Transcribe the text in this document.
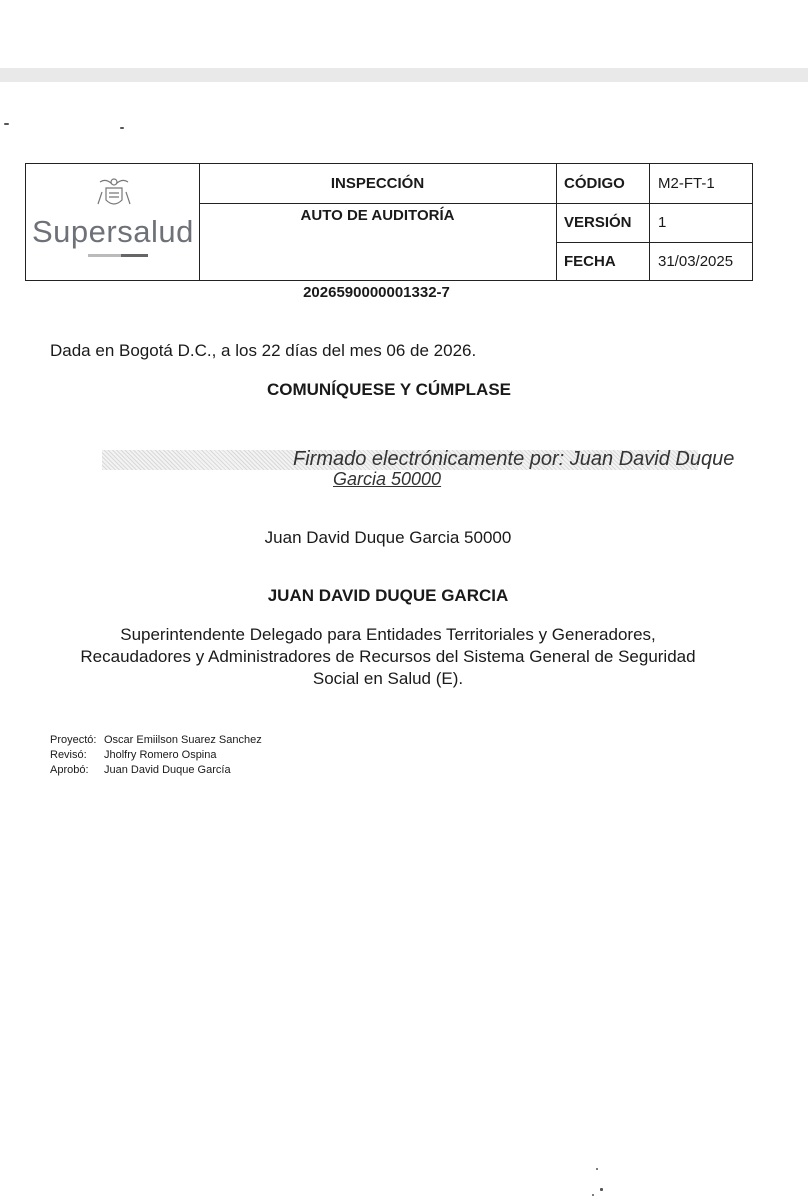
Supersalud
INSPECCIÓN
AUTO DE AUDITORÍA
CÓDIGO M2-FT-1
VERSIÓN 1
FECHA	31/03/2025
2026590000001332-7
Dada en Bogotá D.C., a los 22 días del mes 06 de 2026.
COMUNÍQUESE Y CÚMPLASE
Firmado electrónicamente por: Juan David Duque
Garcia 50000
Juan David Duque Garcia 50000
JUAN DAVID DUQUE GARCIA
Superintendente Delegado para Entidades Territoriales y Generadores,
Recaudadores y Administradores de Recursos del Sistema General de Seguridad
Social en Salud (E).
Proyectó: Oscar Emiilson Suarez Sanchez
Revisó: Jholfry Romero Ospina
Aprobó: Juan David Duque García
